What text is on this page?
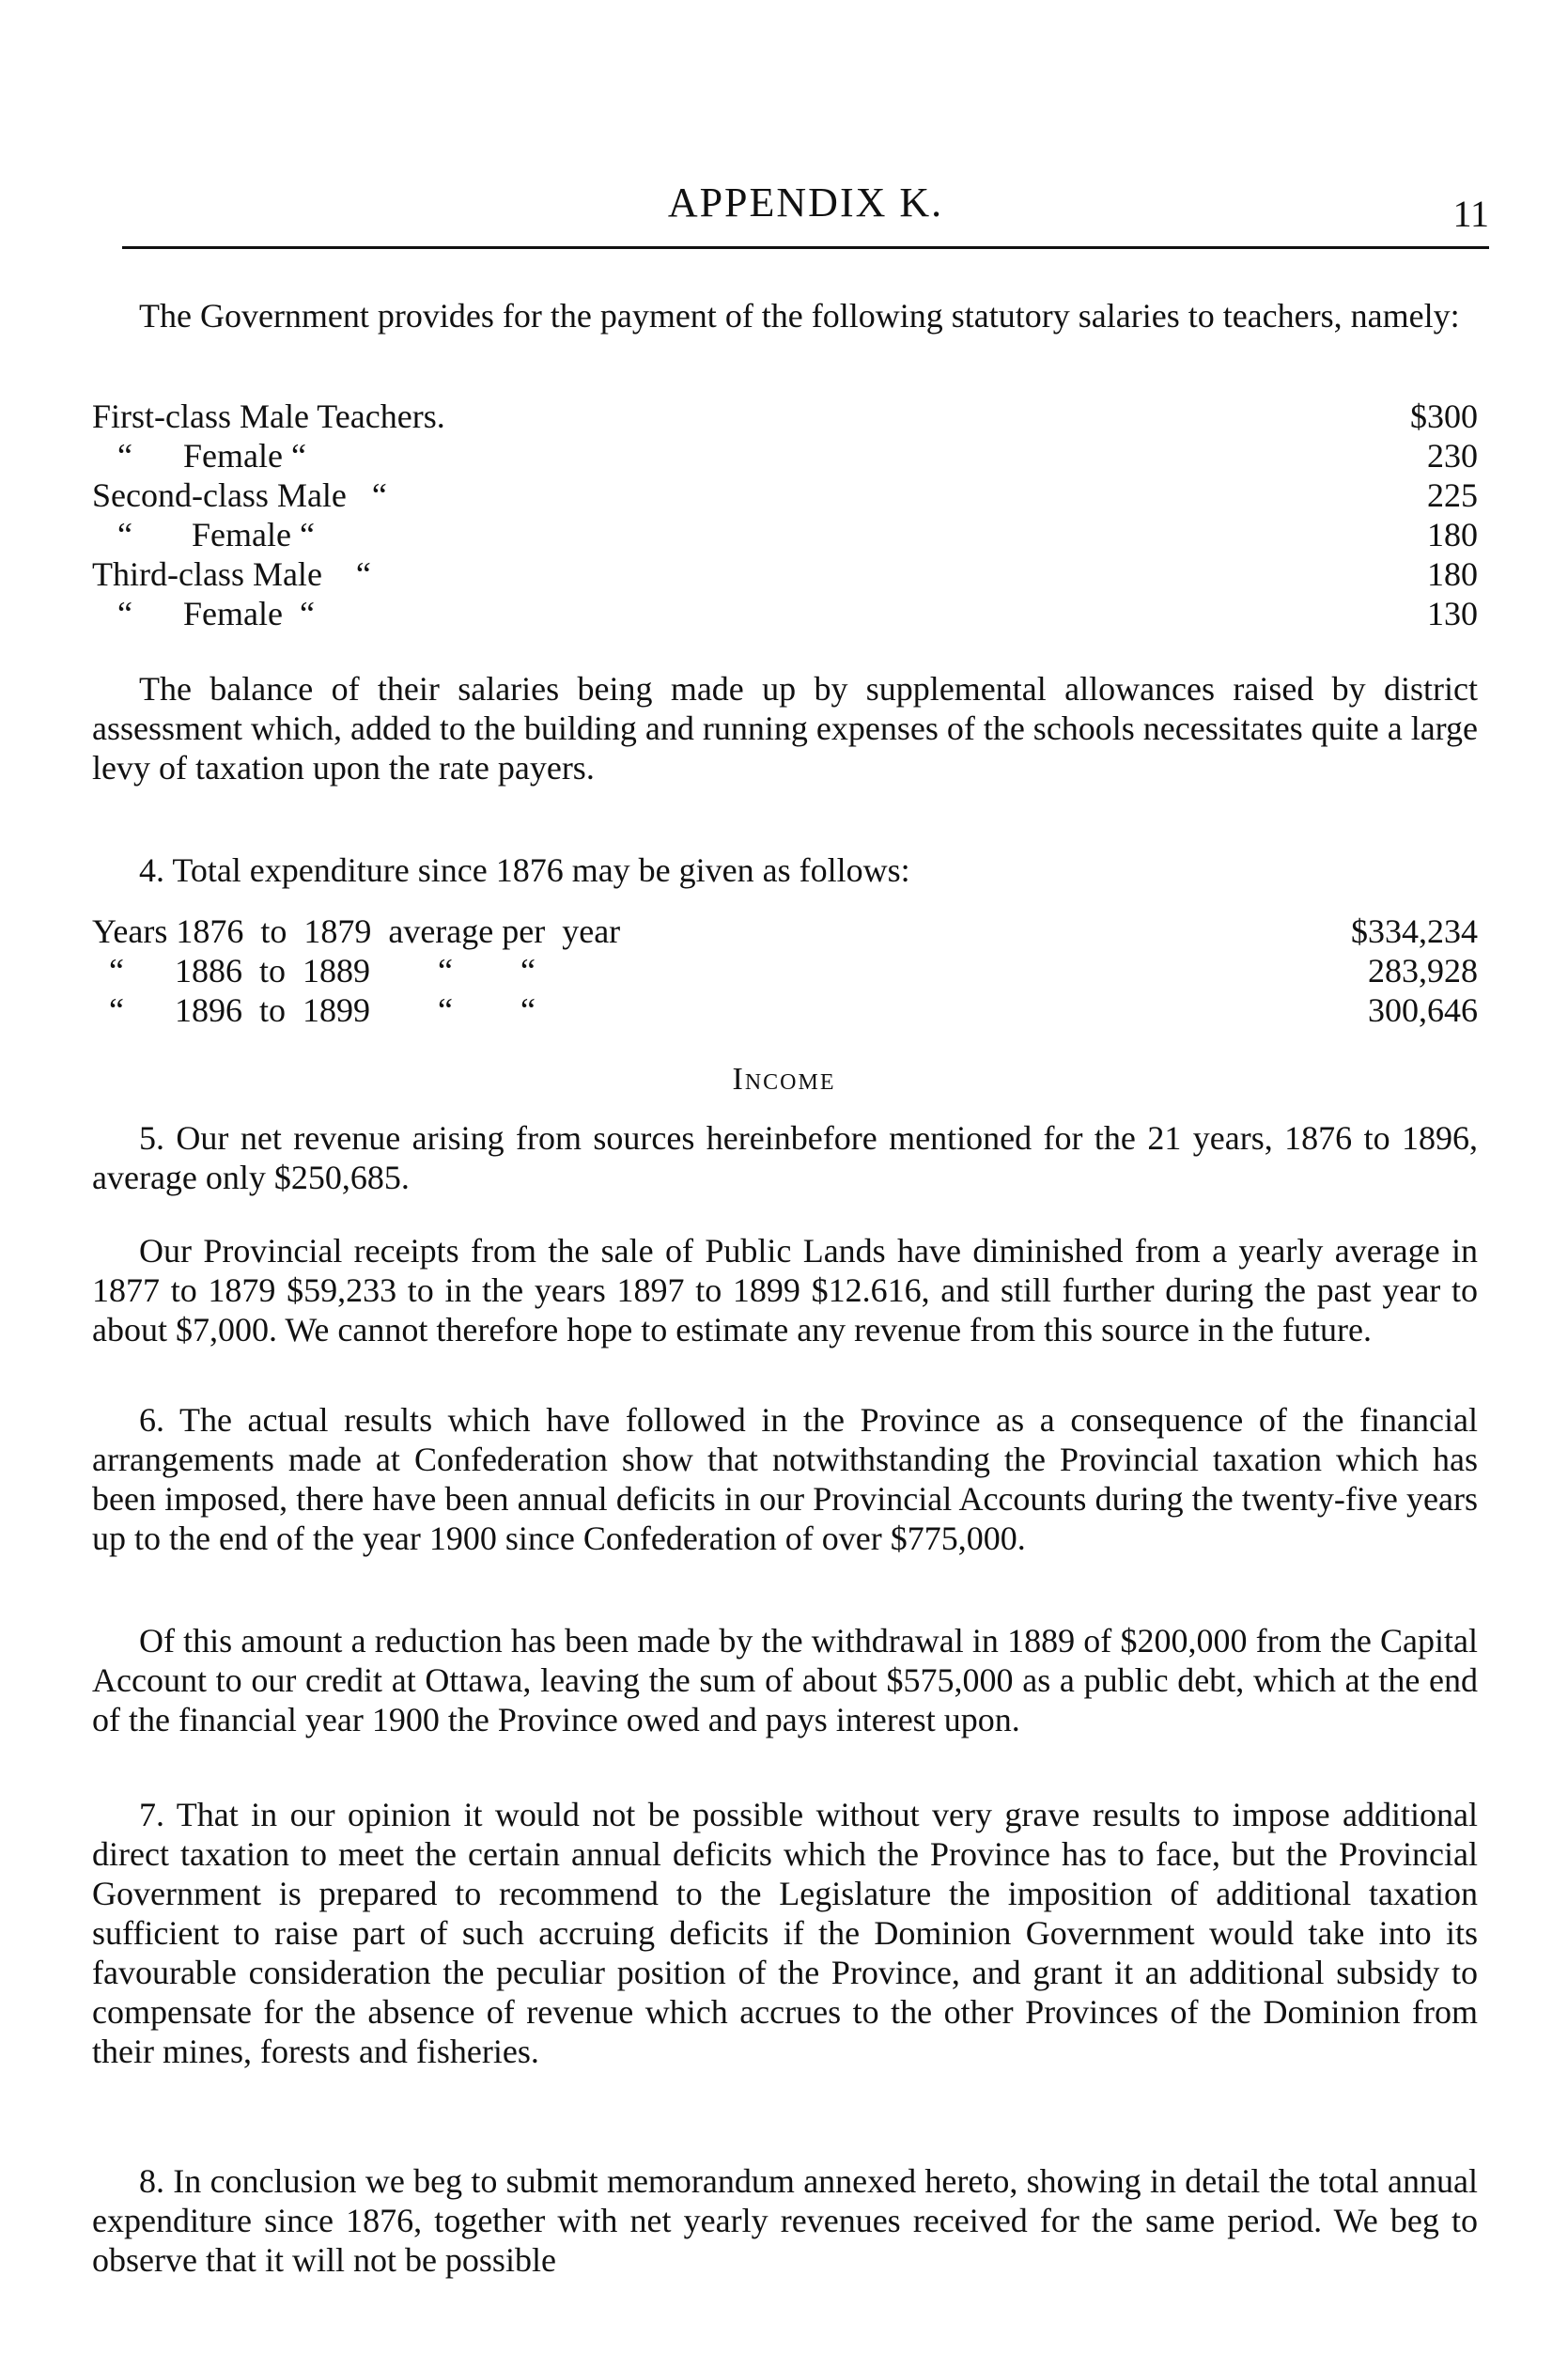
APPENDIX K.	11
The Government provides for the payment of the following statutory salaries to teachers, namely:
First-class Male Teachers.	$300
“      Female “	230
Second-class Male   “	225
“       Female “	180
Third-class Male    “	180
“      Female  “	130
The balance of their salaries being made up by supplemental allowances raised by district assessment which, added to the building and running expenses of the schools necessitates quite a large levy of taxation upon the rate payers.
4. Total expenditure since 1876 may be given as follows:
Years 1876  to  1879  average per  year	$334,234
“      1886  to  1889        “        “	283,928
“      1896  to  1899        “        “	300,646
Income
5. Our net revenue arising from sources hereinbefore mentioned for the 21 years, 1876 to 1896, average only $250,685.
Our Provincial receipts from the sale of Public Lands have diminished from a yearly average in 1877 to 1879 $59,233 to in the years 1897 to 1899 $12.616, and still further during the past year to about $7,000. We cannot therefore hope to estimate any revenue from this source in the future.
6. The actual results which have followed in the Province as a consequence of the financial arrangements made at Confederation show that notwithstanding the Provincial taxation which has been imposed, there have been annual deficits in our Provincial Accounts during the twenty-five years up to the end of the year 1900 since Confederation of over $775,000.
Of this amount a reduction has been made by the withdrawal in 1889 of $200,000 from the Capital Account to our credit at Ottawa, leaving the sum of about $575,000 as a public debt, which at the end of the financial year 1900 the Province owed and pays interest upon.
7. That in our opinion it would not be possible without very grave results to impose additional direct taxation to meet the certain annual deficits which the Province has to face, but the Provincial Government is prepared to recommend to the Legislature the imposition of additional taxation sufficient to raise part of such accruing deficits if the Dominion Government would take into its favourable consideration the peculiar position of the Province, and grant it an additional subsidy to compensate for the absence of revenue which accrues to the other Provinces of the Dominion from their mines, forests and fisheries.
8. In conclusion we beg to submit memorandum annexed hereto, showing in detail the total annual expenditure since 1876, together with net yearly revenues received for the same period. We beg to observe that it will not be possible
